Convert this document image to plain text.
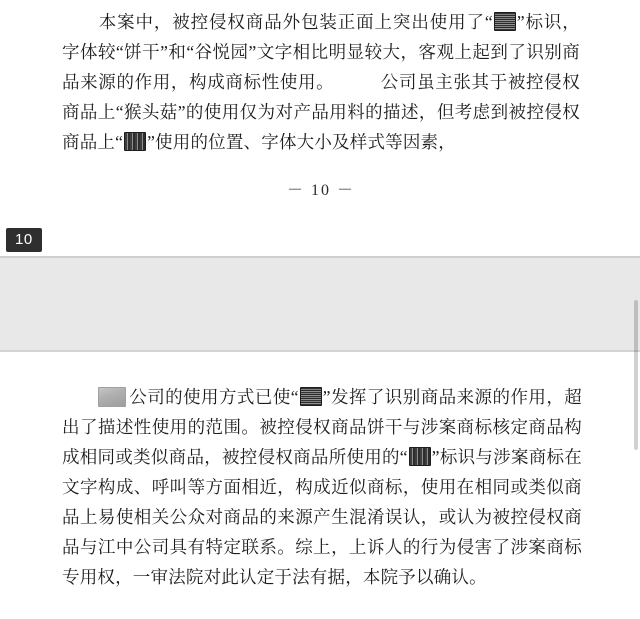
本案中，被控侵权商品外包装正面上突出使用了“ ”标识，字体较“饼干”和“谷悦园”文字相比明显较大，客观上起到了识别商品来源的作用，构成商标性使用。	公司虽主张其于被控侵权商品上“猴头菇”的使用仅为对产品用料的描述，但考虑到被控侵权商品上“ ”使用的位置、字体大小及样式等因素，

－ 10 －
10

公司的使用方式已使“ ”发挥了识别商品来源的作用，超出了描述性使用的范围。被控侵权商品饼干与涉案商标核定商品构成相同或类似商品，被控侵权商品所使用的“ ”标识与涉案商标在文字构成、呼叫等方面相近，构成近似商标，使用在相同或类似商品上易使相关公众对商品的来源产生混淆误认，或认为被控侵权商品与江中公司具有特定联系。综上，上诉人的行为侵害了涉案商标专用权，一审法院对此认定于法有据，本院予以确认。
